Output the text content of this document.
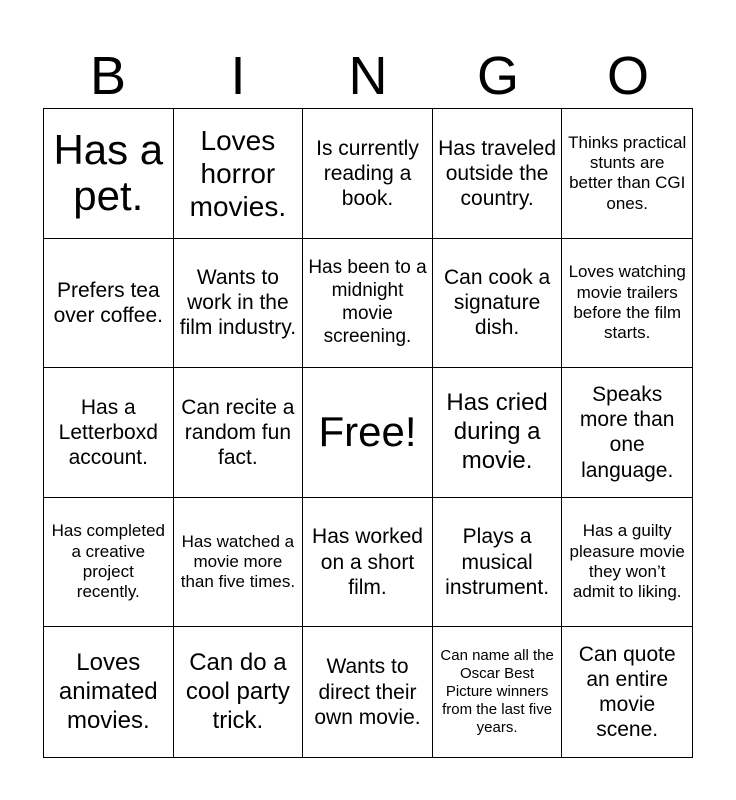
B	I	N	G	O
Has a pet.
Loves horror movies.
Is currently reading a book.
Has traveled outside the country.
Thinks practical stunts are better than CGI ones.
Prefers tea over coffee.
Wants to work in the film industry.
Has been to a midnight movie screening.
Can cook a signature dish.
Loves watching movie trailers before the film starts.
Has a Letterboxd account.
Can recite a random fun fact.
Free!
Has cried during a movie.
Speaks more than one language.
Has completed a creative project recently.
Has watched a movie more than five times.
Has worked on a short film.
Plays a musical instrument.
Has a guilty pleasure movie they won’t admit to liking.
Loves animated movies.
Can do a cool party trick.
Wants to direct their own movie.
Can name all the Oscar Best Picture winners from the last five years.
Can quote an entire movie scene.
